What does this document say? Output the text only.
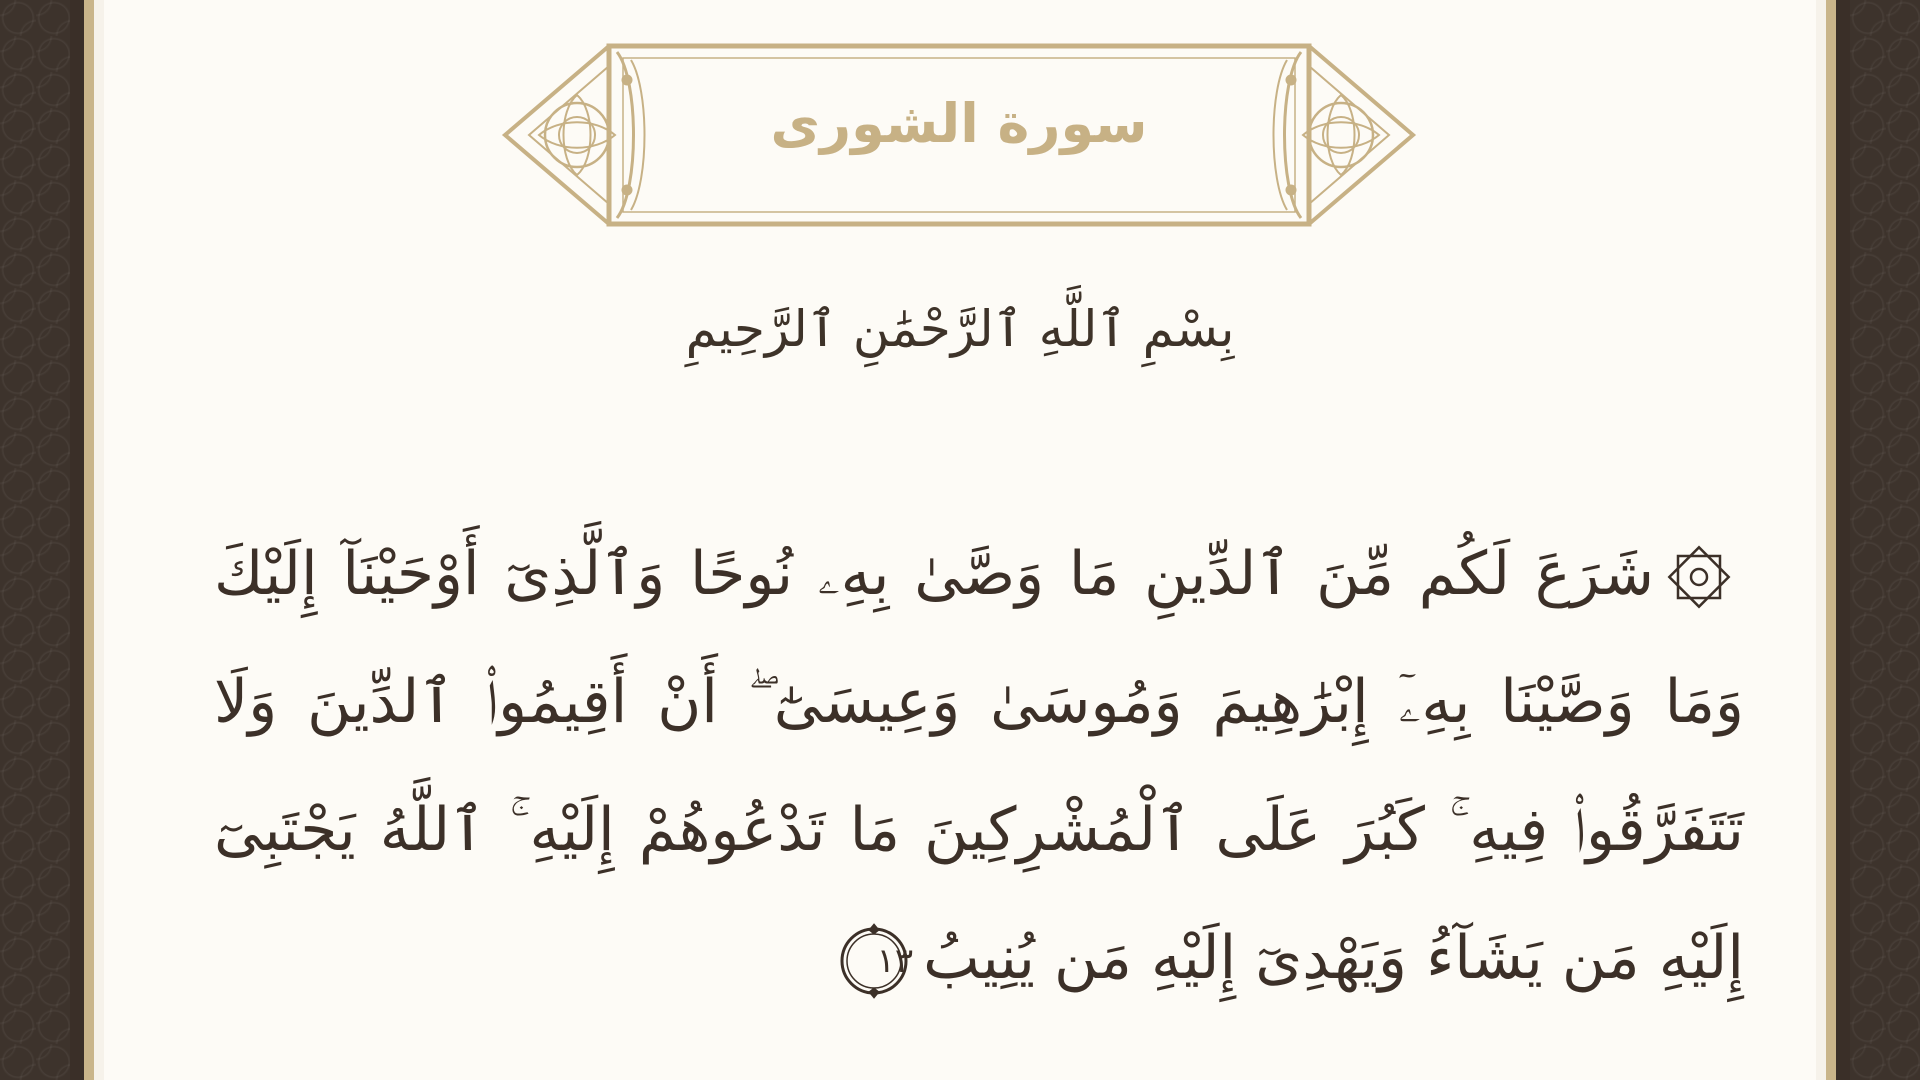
سورة الشورى
بِسْمِ ٱللَّهِ ٱلرَّحْمَٰنِ ٱلرَّحِيمِ
شَرَعَ لَكُم مِّنَ ٱلدِّينِ مَا وَصَّىٰ بِهِۦ نُوحًا وَٱلَّذِىٓ أَوْحَيْنَآ إِلَيْكَ وَمَا وَصَّيْنَا بِهِۦٓ إِبْرَٰهِيمَ وَمُوسَىٰ وَعِيسَىٰٓ ۖ أَنْ أَقِيمُوا۟ ٱلدِّينَ وَلَا تَتَفَرَّقُوا۟ فِيهِ ۚ كَبُرَ عَلَى ٱلْمُشْرِكِينَ مَا تَدْعُوهُمْ إِلَيْهِ ۚ ٱللَّهُ يَجْتَبِىٓ إِلَيْهِ مَن يَشَآءُ وَيَهْدِىٓ إِلَيْهِ مَن يُنِيبُ
١٣
